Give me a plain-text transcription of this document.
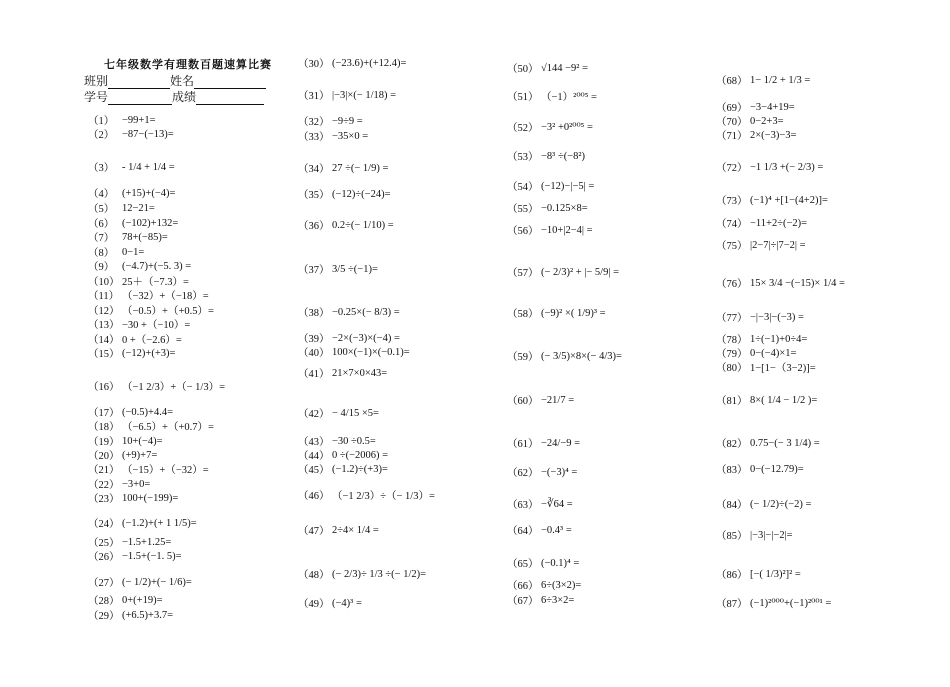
七年级数学有理数百题速算比赛
班别	姓名
学号	成绩
（1） −99+1=
（2） −87−(−13)=
（3） - 1/4 + 1/4 =
（4） (+15)+(−4)=
（5） 12−21=
（6） (−102)+132=
（7） 78+(−85)=
（8） 0−1=
（9） (−4.7)+(−5. 3) =
（10） 25＋（−7.3）=
（11） （−32）+（−18）=
（12） （−0.5）+（+0.5）=
（13） −30 +（−10）=
（14） 0 +（−2.6）=
（15） (−12)+(+3)=
（16） （−1 2/3）+（− 1/3）=
（17） (−0.5)+4.4=
（18） （−6.5）+（+0.7）=
（19） 10+(−4)=
（20） (+9)+7=
（21） （−15）+（−32）=
（22） −3+0=
（23） 100+(−199)=
（24） (−1.2)+(+ 1 1/5)=
（25） −1.5+1.25=
（26） −1.5+(−1. 5)=
（27） (− 1/2)+(− 1/6)=
（28） 0+(+19)=
（29） (+6.5)+3.7=
（30） (−23.6)+(+12.4)=
（31） |−3|×(− 1/18) =
（32） −9÷9 =
（33） −35×0 =
（34） 27 ÷(− 1/9) =
（35） (−12)÷(−24)=
（36） 0.2÷(− 1/10) =
（37） 3/5 ÷(−1)=
（38） −0.25×(− 8/3) =
（39） −2×(−3)×(−4) =
（40） 100×(−1)×(−0.1)=
（41） 21×7×0×43=
（42） − 4/15 ×5=
（43） −30 ÷0.5=
（44） 0 ÷(−2006) =
（45） (−1.2)÷(+3)=
（46） （−1 2/3）÷（− 1/3）=
（47） 2÷4× 1/4 =
（48） (− 2/3)÷ 1/3 ÷(− 1/2)=
（49） (−4)³ =
（50） √144 −9² =
（51） （−1）²⁰⁰⁵ =
（52） −3² +0²⁰⁰⁵ =
（53） −8³ ÷(−8²)
（54） (−12)−|−5| =
（55） −0.125×8=
（56） −10+|2−4| =
（57） (− 2/3)² + |− 5/9| =
（58） (−9)² ×( 1/9)³ =
（59） (− 3/5)×8×(− 4/3)=
（60） −21/7 =
（61） −24/−9 =
（62） −(−3)⁴ =
（63） −∛64 =
（64） −0.4³ =
（65） (−0.1)⁴ =
（66） 6÷(3×2)=
（67） 6÷3×2=
（68） 1− 1/2 + 1/3 =
（69） −3−4+19=
（70） 0−2+3=
（71） 2×(−3)−3=
（72） −1 1/3 +(− 2/3) =
（73） (−1)⁴ +[1−(4+2)]=
（74） −11+2÷(−2)=
（75） |2−7|÷|7−2| =
（76） 15× 3/4 −(−15)× 1/4 =
（77） −|−3|−(−3) =
（78） 1÷(−1)+0÷4=
（79） 0−(−4)×1=
（80） 1−[1−（3−2)]=
（81） 8×( 1/4 − 1/2 )=
（82） 0.75−(− 3 1/4) =
（83） 0−(−12.79)=
（84） (− 1/2)÷(−2) =
（85） |−3|−|−2|=
（86） [−( 1/3)²]² =
（87） (−1)²⁰⁰⁰+(−1)²⁰⁰¹ =
